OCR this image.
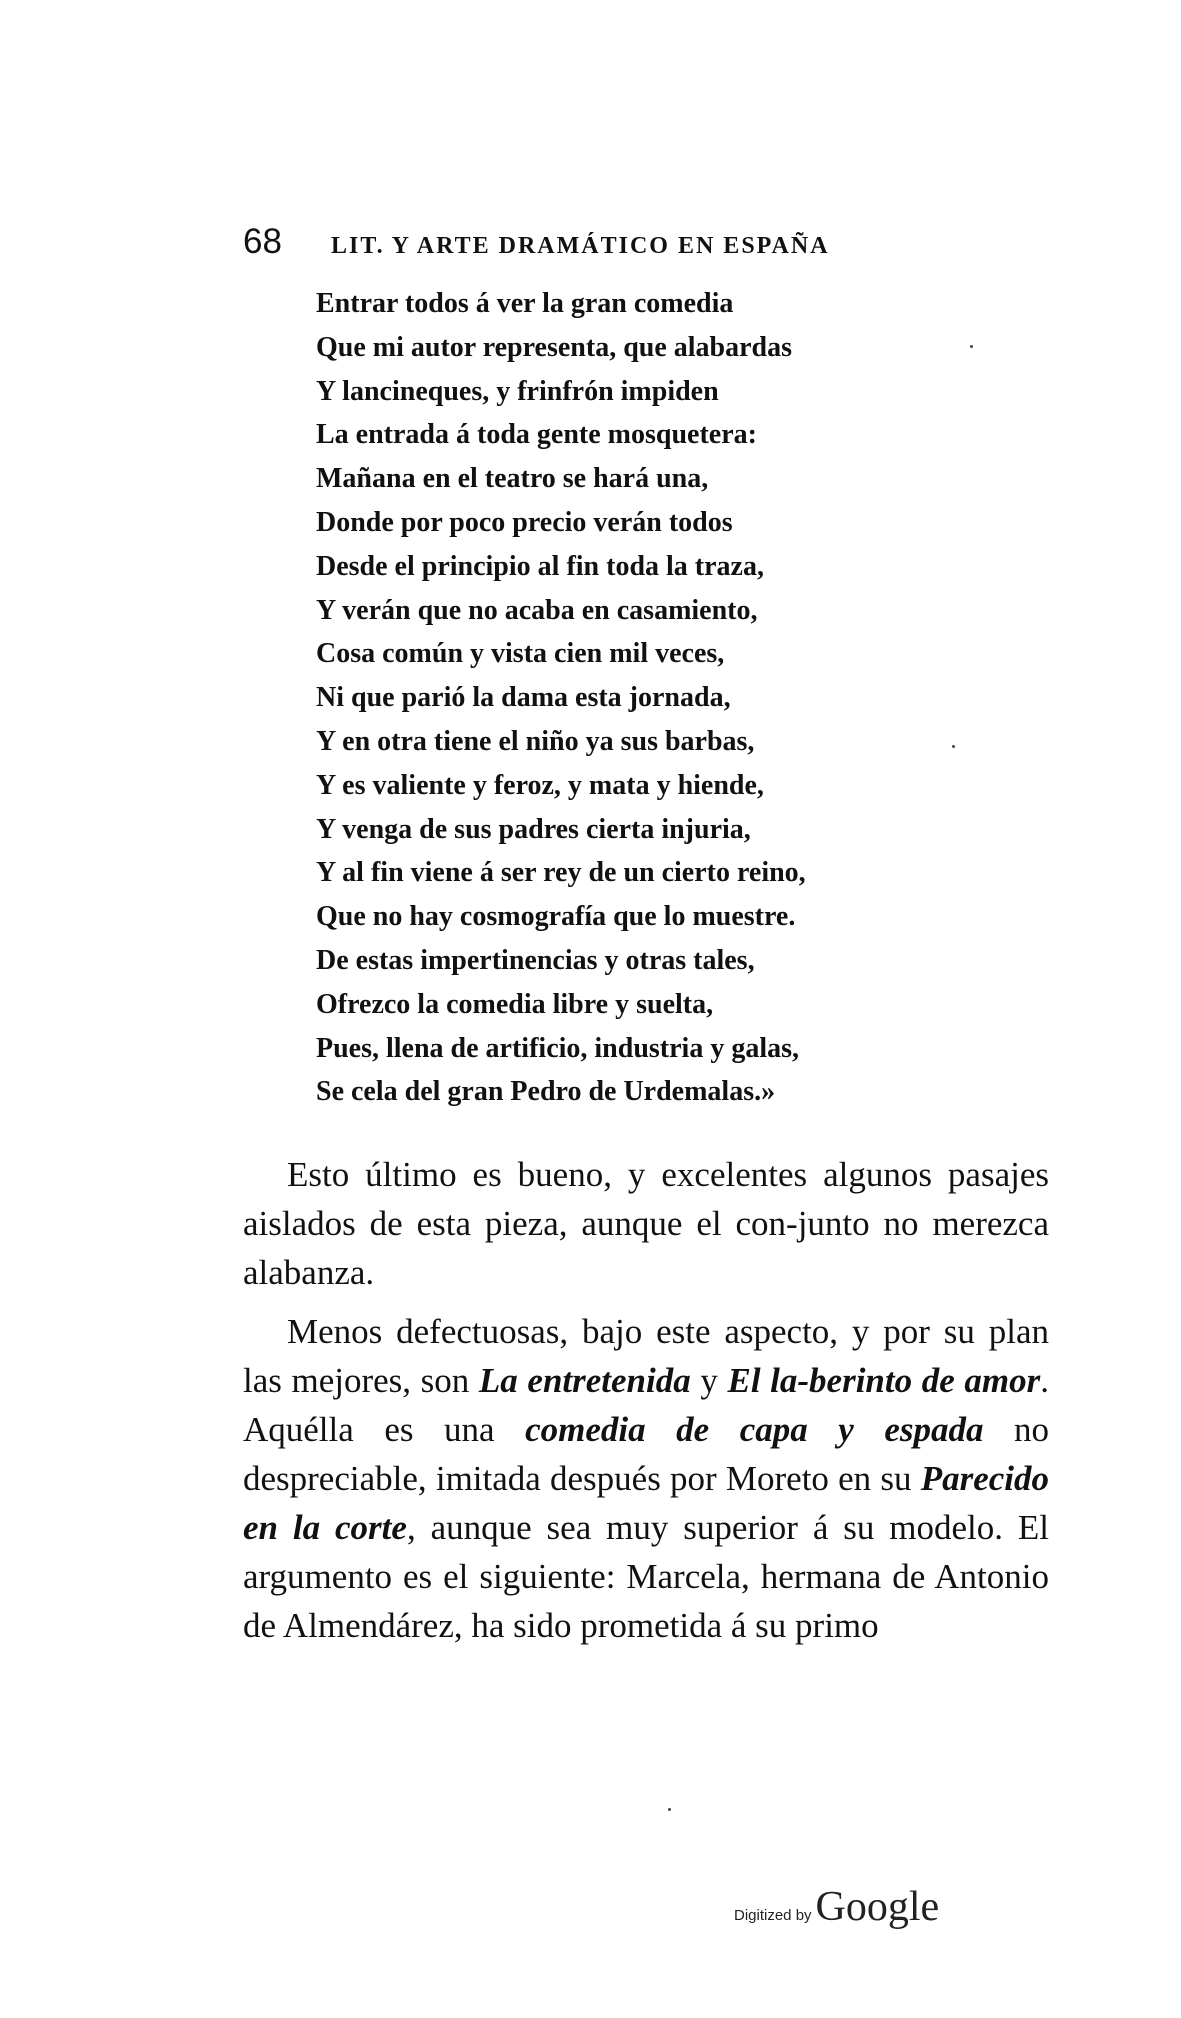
68	LIT. Y ARTE DRAMÁTICO EN ESPAÑA
Entrar todos á ver la gran comedia
Que mi autor representa, que alabardas
Y lancineques, y frinfrón impiden
La entrada á toda gente mosquetera:
Mañana en el teatro se hará una,
Donde por poco precio verán todos
Desde el principio al fin toda la traza,
Y verán que no acaba en casamiento,
Cosa común y vista cien mil veces,
Ni que parió la dama esta jornada,
Y en otra tiene el niño ya sus barbas,
Y es valiente y feroz, y mata y hiende,
Y venga de sus padres cierta injuria,
Y al fin viene á ser rey de un cierto reino,
Que no hay cosmografía que lo muestre.
De estas impertinencias y otras tales,
Ofrezco la comedia libre y suelta,
Pues, llena de artificio, industria y galas,
Se cela del gran Pedro de Urdemalas.»

Esto último es bueno, y excelentes algunos pasajes aislados de esta pieza, aunque el con-junto no merezca alabanza.

Menos defectuosas, bajo este aspecto, y por su plan las mejores, son La entretenida y El la-berinto de amor. Aquélla es una comedia de capa y espada no despreciable, imitada después por Moreto en su Parecido en la corte, aunque sea muy superior á su modelo. El argumento es el siguiente: Marcela, hermana de Antonio de Almendárez, ha sido prometida á su primo

Digitized by Google
